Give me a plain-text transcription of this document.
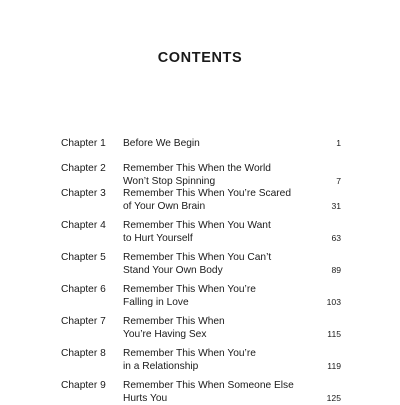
CONTENTS
Chapter 1 Before We Begin	1
Chapter 2 Remember This When the World
Won’t Stop Spinning	7
Chapter 3 Remember This When You’re Scared
of Your Own Brain	31
Chapter 4 Remember This When You Want
to Hurt Yourself	63
Chapter 5 Remember This When You Can’t
Stand Your Own Body	89
Chapter 6 Remember This When You’re
Falling in Love	103
Chapter 7 Remember This When
You’re Having Sex	115
Chapter 8 Remember This When You’re
in a Relationship	119
Chapter 9 Remember This When Someone Else
Hurts You	125
